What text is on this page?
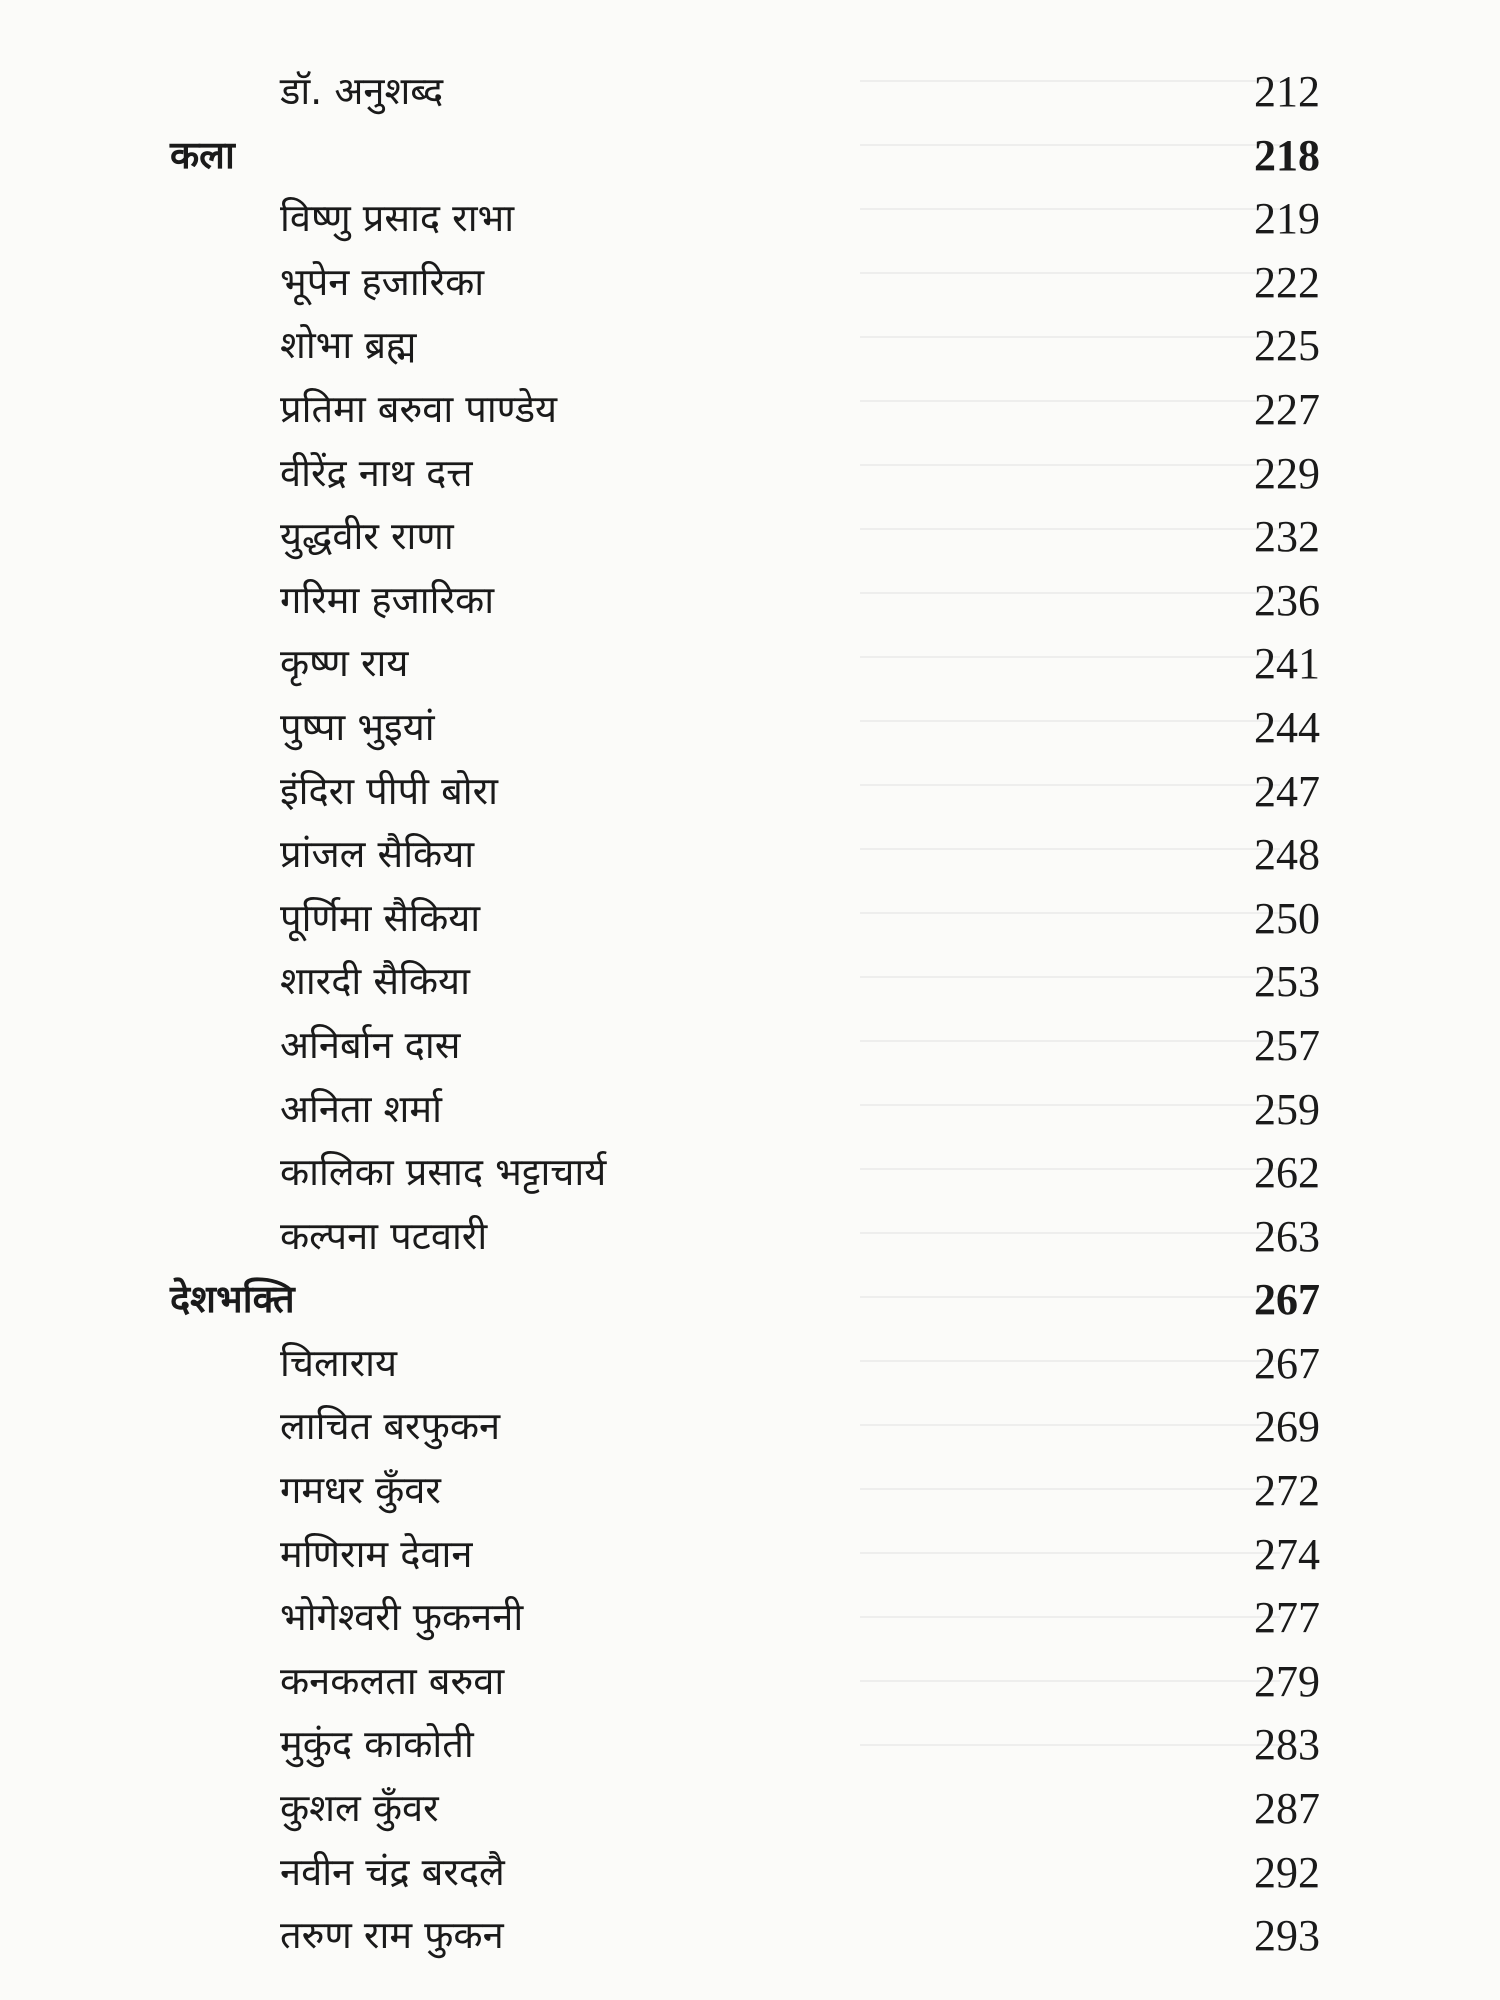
डॉ. अनुशब्द	212
कला	218
विष्णु प्रसाद राभा	219
भूपेन हजारिका	222
शोभा ब्रह्म	225
प्रतिमा बरुवा पाण्डेय	227
वीरेंद्र नाथ दत्त	229
युद्धवीर राणा	232
गरिमा हजारिका	236
कृष्ण राय	241
पुष्पा भुइयां	244
इंदिरा पीपी बोरा	247
प्रांजल सैकिया	248
पूर्णिमा सैकिया	250
शारदी सैकिया	253
अनिर्बान दास	257
अनिता शर्मा	259
कालिका प्रसाद भट्टाचार्य	262
कल्पना पटवारी	263
देशभक्ति	267
चिलाराय	267
लाचित बरफुकन	269
गमधर कुँवर	272
मणिराम देवान	274
भोगेश्वरी फुकननी	277
कनकलता बरुवा	279
मुकुंद काकोती	283
कुशल कुँवर	287
नवीन चंद्र बरदलै	292
तरुण राम फुकन	293
